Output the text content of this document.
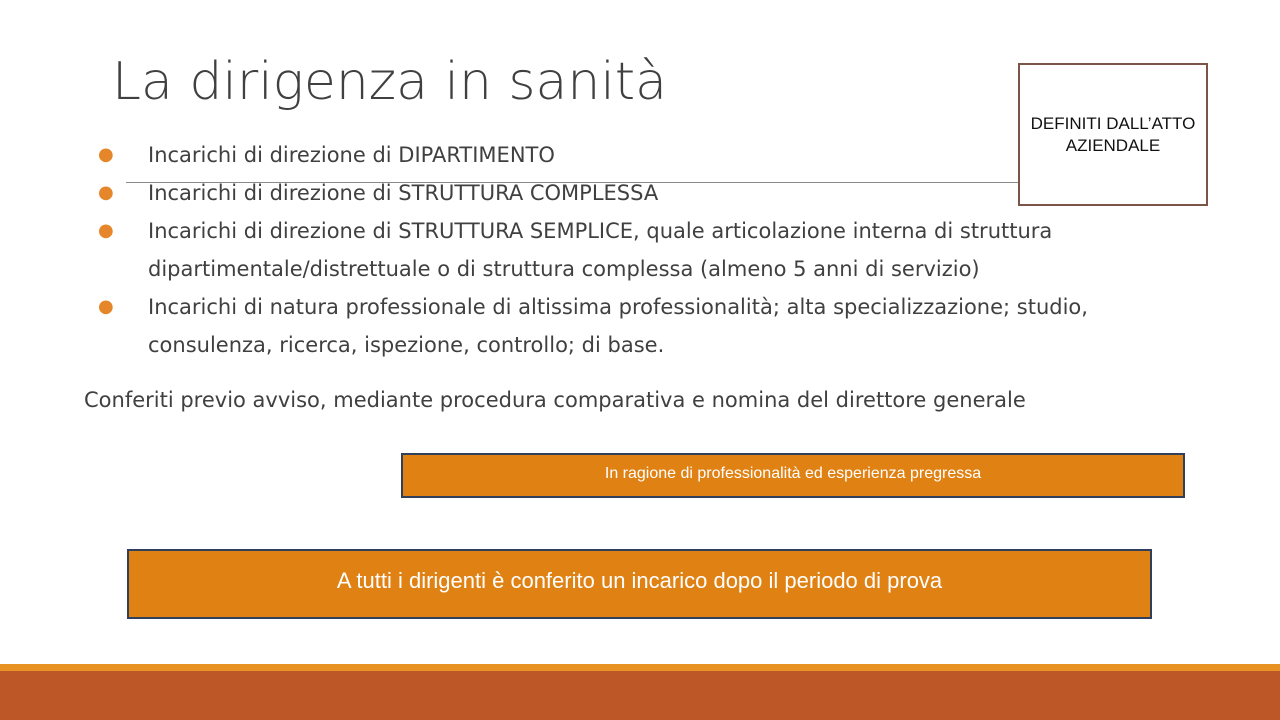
La dirigenza in sanità
● Incarichi di direzione di DIPARTIMENTO
● Incarichi di direzione di STRUTTURA COMPLESSA
● Incarichi di direzione di STRUTTURA SEMPLICE, quale articolazione interna di struttura dipartimentale/distrettuale o di struttura complessa (almeno 5 anni di servizio)
● Incarichi di natura professionale di altissima professionalità; alta specializzazione; studio, consulenza, ricerca, ispezione, controllo; di base.
Conferiti previo avviso, mediante procedura comparativa e nomina del direttore generale
DEFINITI DALL’ATTO AZIENDALE
In ragione di professionalità ed esperienza pregressa
A tutti i dirigenti è conferito un incarico dopo il periodo di prova
